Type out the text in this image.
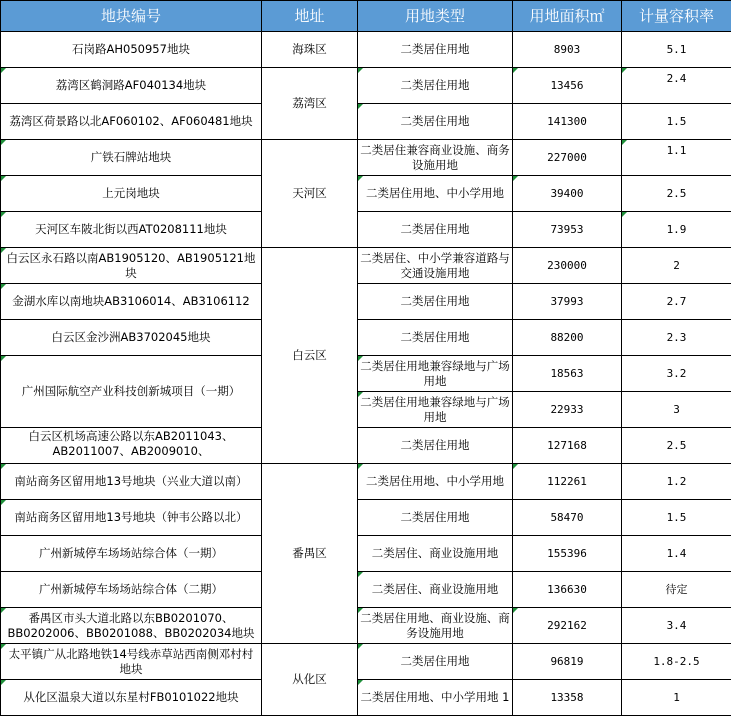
地块编号	地址	用地类型	用地面积㎡	计量容积率
石岗路AH050957地块	海珠区	二类居住用地	8903	5.1
荔湾区鹤洞路AF040134地块	荔湾区	二类居住用地	13456	2.4
荔湾区荷景路以北AF060102、AF060481地块		二类居住用地	141300	1.5
广铁石牌站地块	天河区	二类居住兼容商业设施、商务设施用地	227000	1.1
上元岗地块		二类居住用地、中小学用地	39400	2.5
天河区车陂北街以西AT0208111地块		二类居住用地	73953	1.9
白云区永石路以南AB1905120、AB1905121地块	白云区	二类居住、中小学兼容道路与交通设施用地	230000	2
金湖水库以南地块AB3106014、AB3106112		二类居住用地	37993	2.7
白云区金沙洲AB3702045地块		二类居住用地	88200	2.3
广州国际航空产业科技创新城项目（一期）		二类居住用地兼容绿地与广场用地	18563	3.2
		二类居住用地兼容绿地与广场用地	22933	3
白云区机场高速公路以东AB2011043、AB2011007、AB2009010、		二类居住用地	127168	2.5
南站商务区留用地13号地块（兴业大道以南）	番禺区	二类居住用地、中小学用地	112261	1.2
南站商务区留用地13号地块（钟韦公路以北）		二类居住用地	58470	1.5
广州新城停车场场站综合体（一期）		二类居住、商业设施用地	155396	1.4
广州新城停车场场站综合体（二期）		二类居住、商业设施用地	136630	待定
番禺区市头大道北路以东BB0201070、BB0202006、BB0201088、BB0202034地块		二类居住用地、商业设施、商务设施用地	292162	3.4
太平镇广从北路地铁14号线赤草站西南侧邓村村地块	从化区	二类居住用地	96819	1.8-2.5
从化区温泉大道以东星村FB0101022地块		二类居住用地、中小学用地 1	13358	1
